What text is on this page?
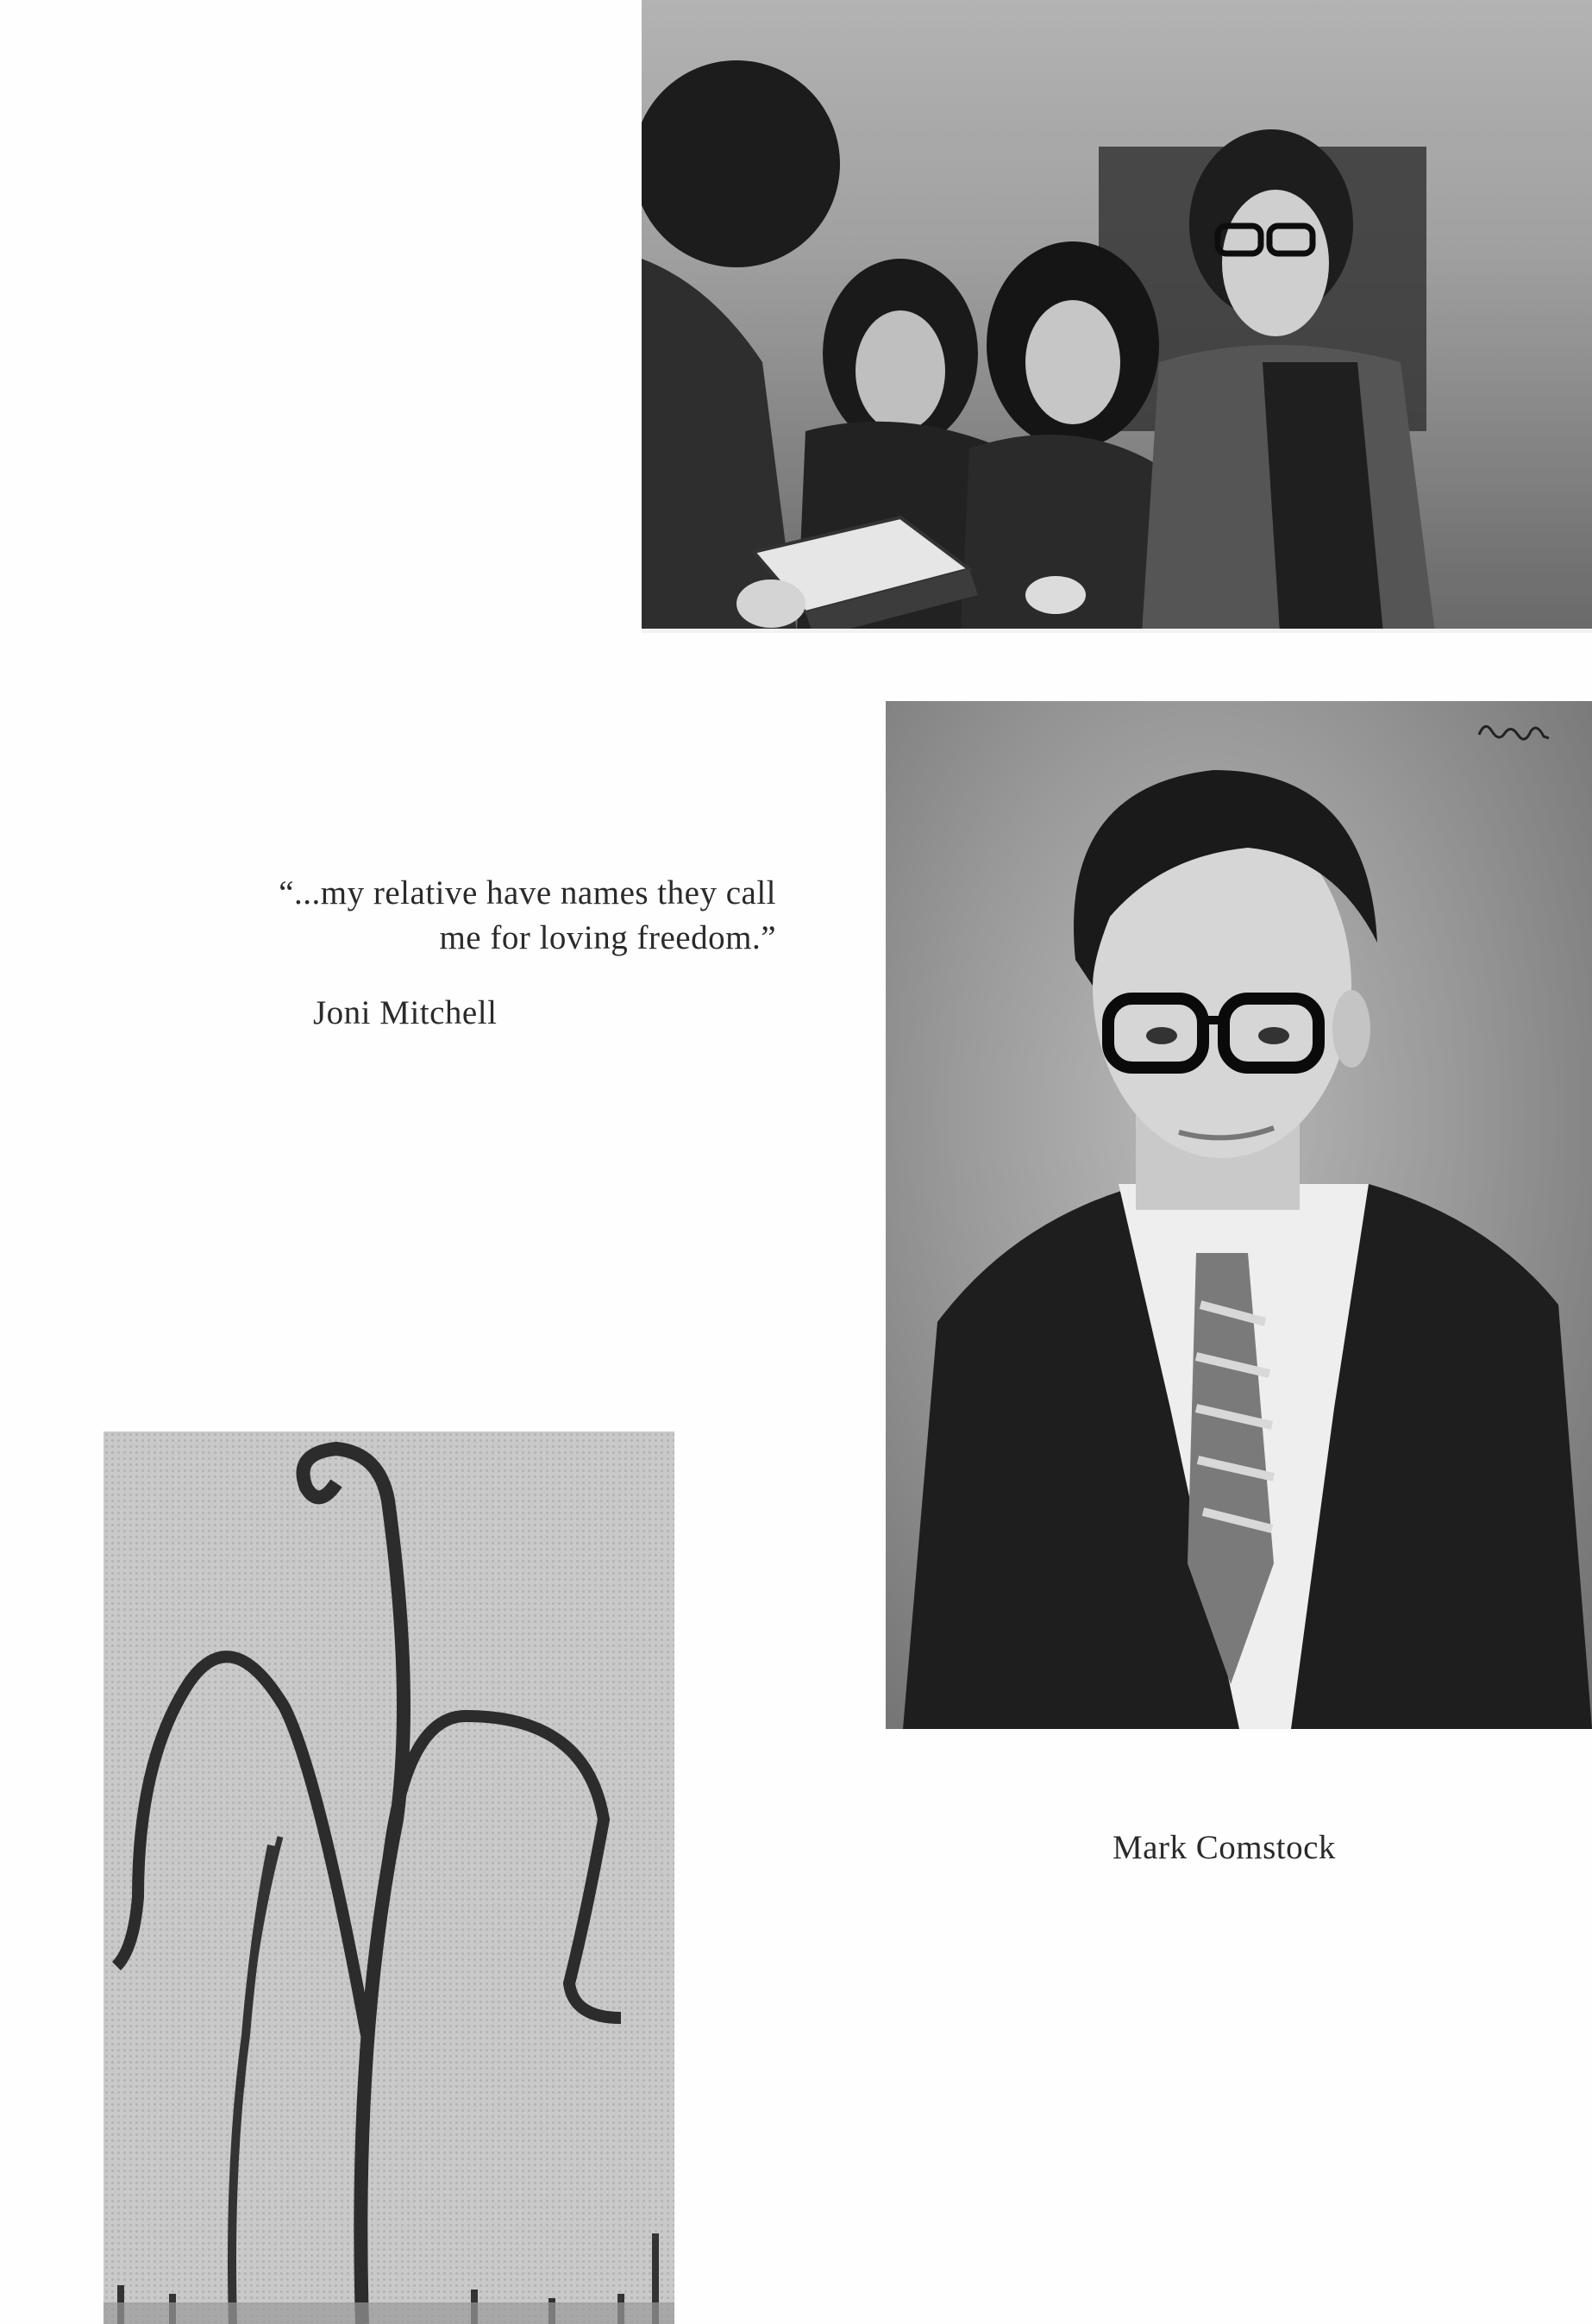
“...my relative have names they call
me for loving freedom.”
Joni Mitchell
Mark Comstock
